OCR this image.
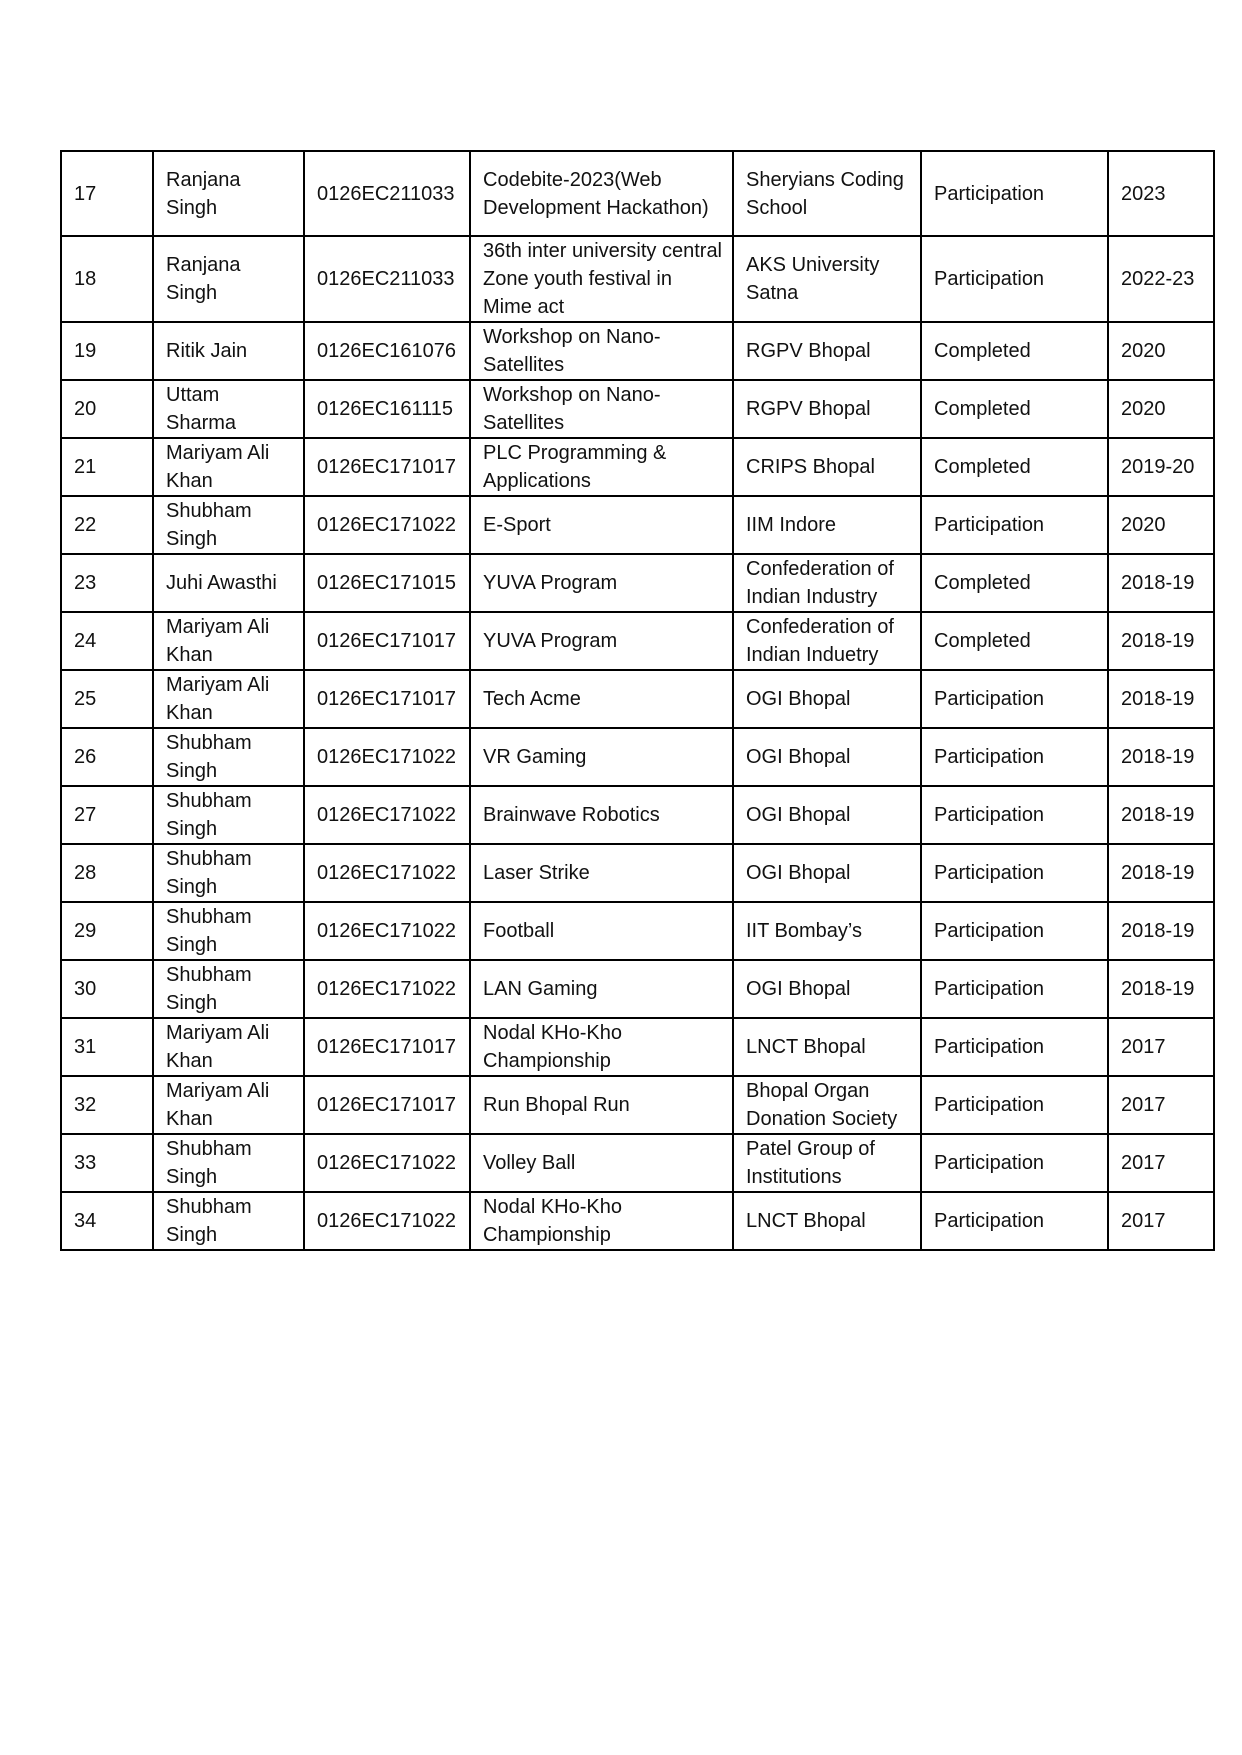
17	Ranjana Singh	0126EC211033	Codebite-2023(Web Development Hackathon)	Sheryians Coding School	Participation	2023
18	Ranjana Singh	0126EC211033	36th inter university central Zone youth festival in Mime act	AKS University Satna	Participation	2022-23
19	Ritik Jain	0126EC161076	Workshop on Nano-Satellites	RGPV Bhopal	Completed	2020
20	Uttam Sharma	0126EC161115	Workshop on Nano-Satellites	RGPV Bhopal	Completed	2020
21	Mariyam Ali Khan	0126EC171017	PLC Programming & Applications	CRIPS Bhopal	Completed	2019-20
22	Shubham Singh	0126EC171022	E-Sport	IIM Indore	Participation	2020
23	Juhi Awasthi	0126EC171015	YUVA Program	Confederation of Indian Industry	Completed	2018-19
24	Mariyam Ali Khan	0126EC171017	YUVA Program	Confederation of Indian Induetry	Completed	2018-19
25	Mariyam Ali Khan	0126EC171017	Tech Acme	OGI Bhopal	Participation	2018-19
26	Shubham Singh	0126EC171022	VR Gaming	OGI Bhopal	Participation	2018-19
27	Shubham Singh	0126EC171022	Brainwave Robotics	OGI Bhopal	Participation	2018-19
28	Shubham Singh	0126EC171022	Laser Strike	OGI Bhopal	Participation	2018-19
29	Shubham Singh	0126EC171022	Football	IIT Bombay’s	Participation	2018-19
30	Shubham Singh	0126EC171022	LAN Gaming	OGI Bhopal	Participation	2018-19
31	Mariyam Ali Khan	0126EC171017	Nodal KHo-Kho Championship	LNCT Bhopal	Participation	2017
32	Mariyam Ali Khan	0126EC171017	Run Bhopal Run	Bhopal Organ Donation Society	Participation	2017
33	Shubham Singh	0126EC171022	Volley Ball	Patel Group of Institutions	Participation	2017
34	Shubham Singh	0126EC171022	Nodal KHo-Kho Championship	LNCT Bhopal	Participation	2017
